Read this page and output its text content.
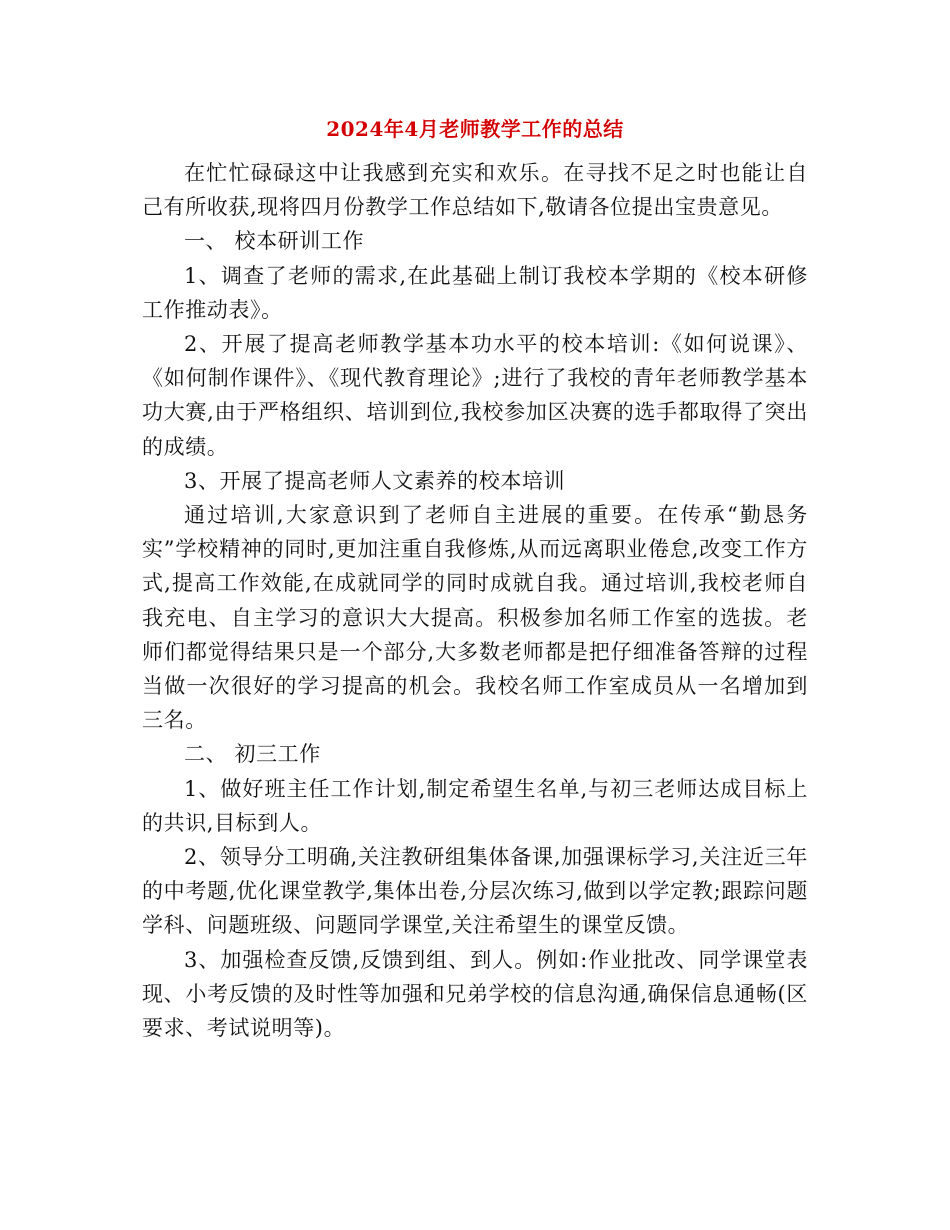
2024年4月老师教学工作的总结

在忙忙碌碌这中让我感到充实和欢乐。在寻找不足之时也能让自己有所收获,现将四月份教学工作总结如下,敬请各位提出宝贵意见。

一、 校本研训工作

1、调查了老师的需求,在此基础上制订我校本学期的《校本研修工作推动表》。

2、开展了提高老师教学基本功水平的校本培训:《如何说课》、《如何制作课件》、《现代教育理论》;进行了我校的青年老师教学基本功大赛,由于严格组织、培训到位,我校参加区决赛的选手都取得了突出的成绩。

3、开展了提高老师人文素养的校本培训

通过培训,大家意识到了老师自主进展的重要。在传承“勤恳务实”学校精神的同时,更加注重自我修炼,从而远离职业倦怠,改变工作方式,提高工作效能,在成就同学的同时成就自我。通过培训,我校老师自我充电、自主学习的意识大大提高。积极参加名师工作室的选拔。老师们都觉得结果只是一个部分,大多数老师都是把仔细准备答辩的过程当做一次很好的学习提高的机会。我校名师工作室成员从一名增加到三名。

二、 初三工作

1、做好班主任工作计划,制定希望生名单,与初三老师达成目标上的共识,目标到人。

2、领导分工明确,关注教研组集体备课,加强课标学习,关注近三年的中考题,优化课堂教学,集体出卷,分层次练习,做到以学定教;跟踪问题学科、问题班级、问题同学课堂,关注希望生的课堂反馈。

3、加强检查反馈,反馈到组、到人。例如:作业批改、同学课堂表现、小考反馈的及时性等加强和兄弟学校的信息沟通,确保信息通畅(区要求、考试说明等)。
